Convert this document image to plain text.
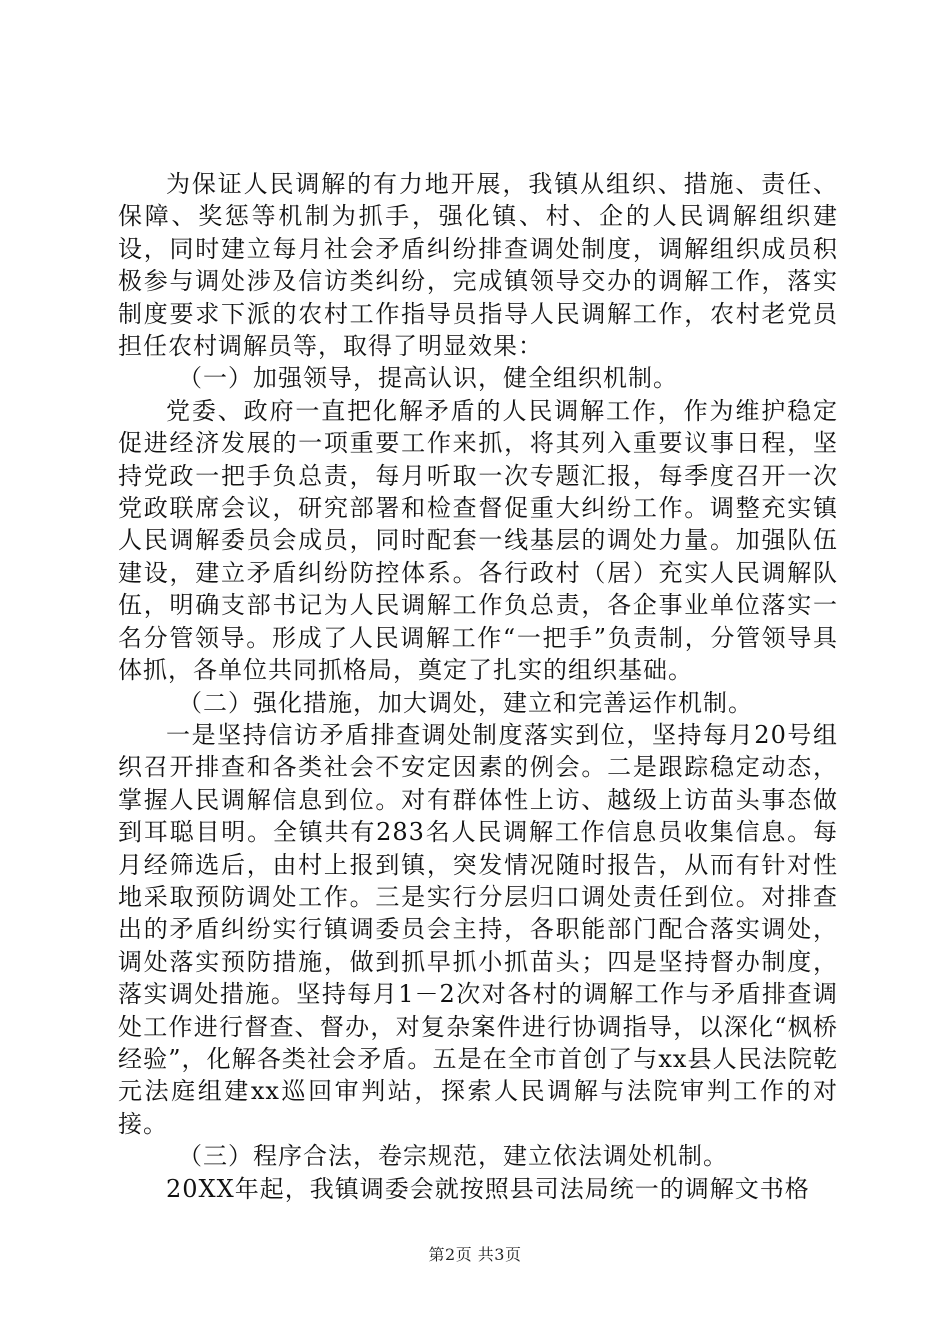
为保证人民调解的有力地开展，我镇从组织、措施、责任、保障、奖惩等机制为抓手，强化镇、村、企的人民调解组织建设，同时建立每月社会矛盾纠纷排查调处制度，调解组织成员积极参与调处涉及信访类纠纷，完成镇领导交办的调解工作，落实制度要求下派的农村工作指导员指导人民调解工作，农村老党员担任农村调解员等，取得了明显效果：

（一）加强领导，提高认识，健全组织机制。

党委、政府一直把化解矛盾的人民调解工作，作为维护稳定促进经济发展的一项重要工作来抓，将其列入重要议事日程，坚持党政一把手负总责，每月听取一次专题汇报，每季度召开一次党政联席会议，研究部署和检查督促重大纠纷工作。调整充实镇人民调解委员会成员，同时配套一线基层的调处力量。加强队伍建设，建立矛盾纠纷防控体系。各行政村（居）充实人民调解队伍，明确支部书记为人民调解工作负总责，各企事业单位落实一名分管领导。形成了人民调解工作“一把手”负责制，分管领导具体抓，各单位共同抓格局，奠定了扎实的组织基础。

（二）强化措施，加大调处，建立和完善运作机制。

一是坚持信访矛盾排查调处制度落实到位，坚持每月20号组织召开排查和各类社会不安定因素的例会。二是跟踪稳定动态，掌握人民调解信息到位。对有群体性上访、越级上访苗头事态做到耳聪目明。全镇共有283名人民调解工作信息员收集信息。每月经筛选后，由村上报到镇，突发情况随时报告，从而有针对性地采取预防调处工作。三是实行分层归口调处责任到位。对排查出的矛盾纠纷实行镇调委员会主持，各职能部门配合落实调处，调处落实预防措施，做到抓早抓小抓苗头；四是坚持督办制度，落实调处措施。坚持每月1－2次对各村的调解工作与矛盾排查调处工作进行督查、督办，对复杂案件进行协调指导，以深化“枫桥经验”，化解各类社会矛盾。五是在全市首创了与xx县人民法院乾元法庭组建xx巡回审判站，探索人民调解与法院审判工作的对接。

（三）程序合法，卷宗规范，建立依法调处机制。

20XX年起，我镇调委会就按照县司法局统一的调解文书格

第2页 共3页
